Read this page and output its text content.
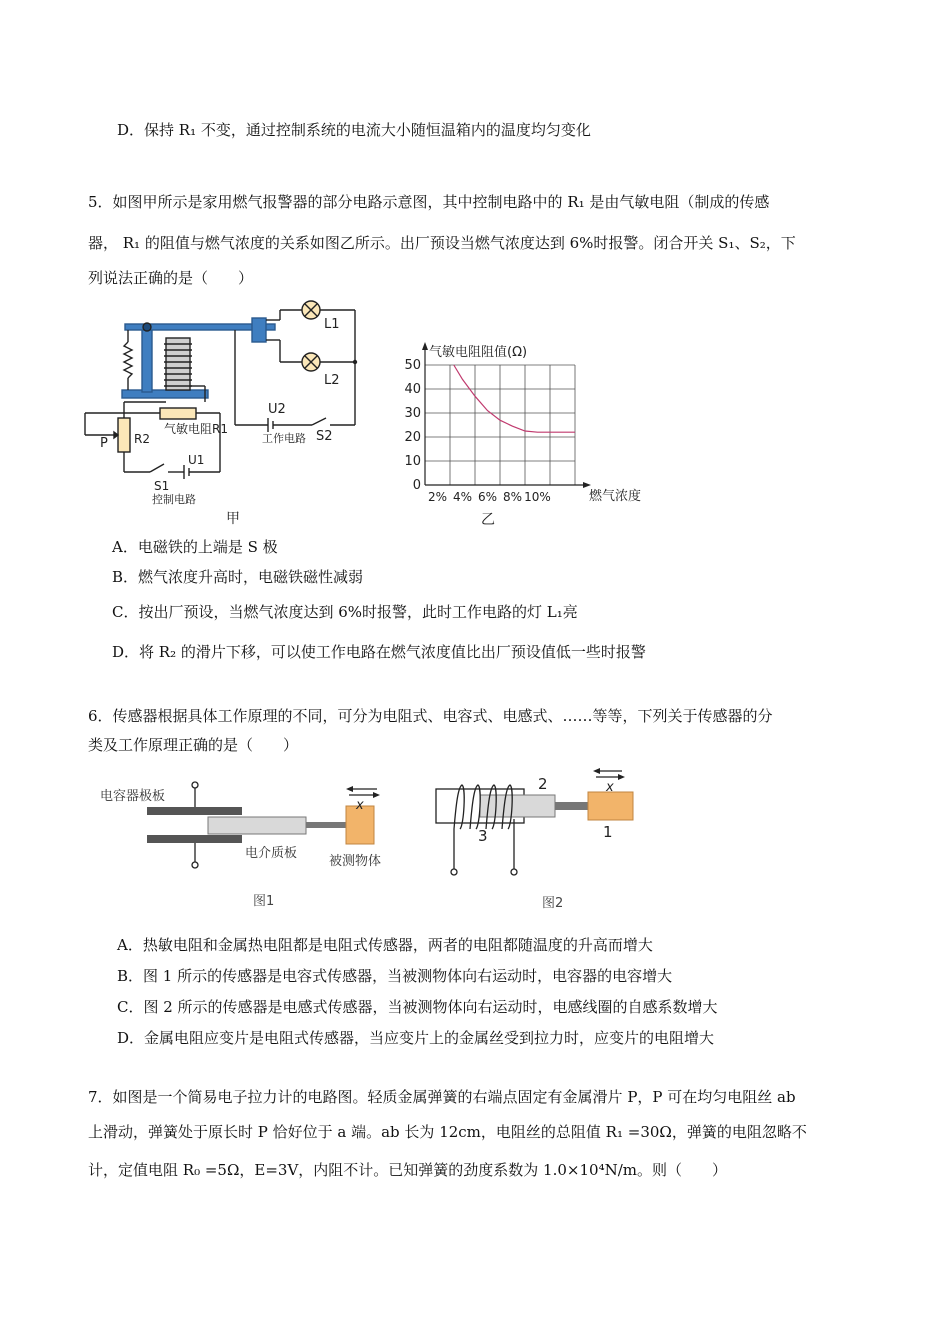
D．保持 R₁ 不变，通过控制系统的电流大小随恒温箱内的温度均匀变化
5．如图甲所示是家用燃气报警器的部分电路示意图，其中控制电路中的 R₁ 是由气敏电阻（制成的传感
器， R₁ 的阻值与燃气浓度的关系如图乙所示。出厂预设当燃气浓度达到 6%时报警。闭合开关 S₁、S₂，下
列说法正确的是（　　）
L1
L2
U2
S2
工作电路
气敏电阻R1
P R2
S1
U1
控制电路
甲
0
10
20
30
40
50
2% 4% 6% 8% 10%
气敏电阻阻值(Ω)
燃气浓度
乙
A．电磁铁的上端是 S 极
B．燃气浓度升高时，电磁铁磁性减弱
C．按出厂预设，当燃气浓度达到 6%时报警，此时工作电路的灯 L₁亮
D．将 R₂ 的滑片下移，可以使工作电路在燃气浓度值比出厂预设值低一些时报警
6．传感器根据具体工作原理的不同，可分为电阻式、电容式、电感式、……等等，下列关于传感器的分
类及工作原理正确的是（　　）
电容器极板
电介质板
被测物体
x
图1
x
1
2
3
图2
A．热敏电阻和金属热电阻都是电阻式传感器，两者的电阻都随温度的升高而增大
B．图 1 所示的传感器是电容式传感器，当被测物体向右运动时，电容器的电容增大
C．图 2 所示的传感器是电感式传感器，当被测物体向右运动时，电感线圈的自感系数增大
D．金属电阻应变片是电阻式传感器，当应变片上的金属丝受到拉力时，应变片的电阻增大
7．如图是一个简易电子拉力计的电路图。轻质金属弹簧的右端点固定有金属滑片 P，P 可在均匀电阻丝 ab
上滑动，弹簧处于原长时 P 恰好位于 a 端。ab 长为 12cm，电阻丝的总阻值 R₁ =30Ω，弹簧的电阻忽略不
计，定值电阻 R₀ =5Ω，E=3V，内阻不计。已知弹簧的劲度系数为 1.0×10⁴N/m。则（　　）
